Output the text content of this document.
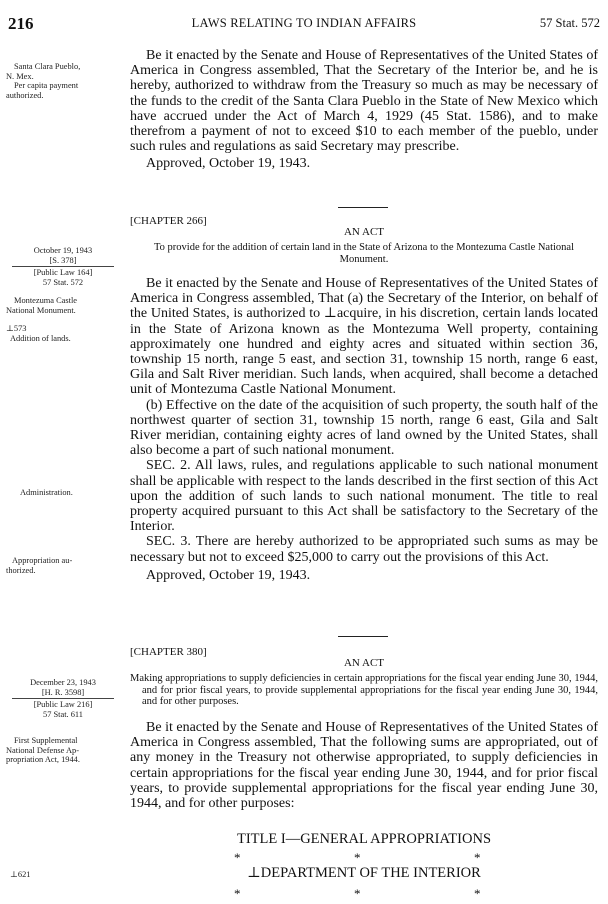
216	LAWS RELATING TO INDIAN AFFAIRS	57 Stat. 572
Santa Clara Pueblo,
N. Mex.
Per capita payment
authorized.

Be it enacted by the Senate and House of Representatives of the United States of America in Congress assembled, That the Secretary of the Interior be, and he is hereby, authorized to withdraw from the Treasury so much as may be necessary of the funds to the credit of the Santa Clara Pueblo in the State of New Mexico which have accrued under the Act of March 4, 1929 (45 Stat. 1586), and to make therefrom a payment of not to exceed $10 to each member of the pueblo, under such rules and regulations as said Secretary may prescribe.

Approved, October 19, 1943.

[CHAPTER 266]

AN ACT

To provide for the addition of certain land in the State of Arizona to the Montezuma Castle National Monument.

October 19, 1943
[S. 378]
[Public Law 164]
57 Stat. 572
Montezuma Castle
National Monument.
⊥573
Addition of lands.
Administration.
Appropriation au-
thorized.

Be it enacted by the Senate and House of Representatives of the United States of America in Congress assembled, That (a) the Secretary of the Interior, on behalf of the United States, is authorized to ⊥acquire, in his discretion, certain lands located in the State of Arizona known as the Montezuma Well property, containing approximately one hundred and eighty acres and situated within section 36, township 15 north, range 5 east, and section 31, township 15 north, range 6 east, Gila and Salt River meridian. Such lands, when acquired, shall become a detached unit of Montezuma Castle National Monument.

(b) Effective on the date of the acquisition of such property, the south half of the northwest quarter of section 31, township 15 north, range 6 east, Gila and Salt River meridian, containing eighty acres of land owned by the United States, shall also become a part of such national monument.

SEC. 2. All laws, rules, and regulations applicable to such national monument shall be applicable with respect to the lands described in the first section of this Act upon the addition of such lands to such national monument. The title to real property acquired pursuant to this Act shall be satisfactory to the Secretary of the Interior.

SEC. 3. There are hereby authorized to be appropriated such sums as may be necessary but not to exceed $25,000 to carry out the provisions of this Act.

Approved, October 19, 1943.

[CHAPTER 380]

AN ACT

Making appropriations to supply deficiencies in certain appropriations for the fiscal year ending June 30, 1944, and for prior fiscal years, to provide supplemental appropriations for the fiscal year ending June 30, 1944, and for other purposes.

December 23, 1943
[H. R. 3598]
[Public Law 216]
57 Stat. 611
First Supplemental
National Defense Ap-
propriation Act, 1944.

Be it enacted by the Senate and House of Representatives of the United States of America in Congress assembled, That the following sums are appropriated, out of any money in the Treasury not otherwise appropriated, to supply deficiencies in certain appropriations for the fiscal year ending June 30, 1944, and for prior fiscal years, to provide supplemental appropriations for the fiscal year ending June 30, 1944, and for other purposes:

TITLE I—GENERAL APPROPRIATIONS
*	*	*
⊥621	⊥DEPARTMENT OF THE INTERIOR
*	*	*
